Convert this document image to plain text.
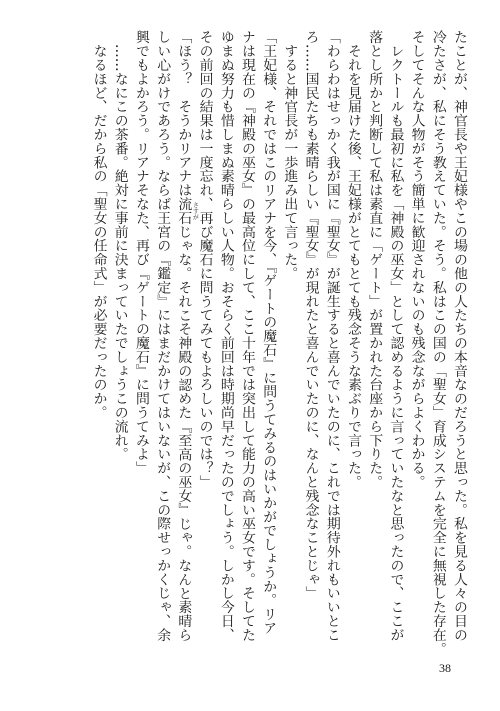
たことが、神官長や王妃様やこの場の他の人たちの本音なのだろうと思った。私を見る人々の目の

冷たさが、私にそう教えていた。そう。私はこの国の「聖女」育成システムを完全に無視した存在。

そしてそんな人物がそう簡単に歓迎されないのも残念ながらよくわかる。

　レクトールも最初に私を「神殿の巫女」として認めるように言っていたなと思ったので、ここが

落とし所かと判断して私は素直に「ゲート」が置かれた台座から下りた。

　それを見届けた後、王妃様がとてもとても残念そうな素ぶりで言った。

「わらわはせっかく我が国に『聖女』が誕生すると喜んでいたのに、これでは期待外れもいいとこ

ろ……国民たちも素晴らしい『聖女』が現れたと喜んでいたのに、なんと残念なことじゃ」

　すると神官長が一歩進み出て言った。

「王妃様、それではこのリアナを今、『ゲートの魔石』に問うてみるのはいかがでしょうか。リア

ナは現在の『神殿の巫女』の最高位にして、ここ十年では突出して能力の高い巫女です。そしてた

ゆまぬ努力も惜しまぬ素晴らしい人物。おそらく前回は時期尚早だったのでしょう。しかし今日、

その前回の結果は一度忘れ、再び魔石に問うてみてもよろしいのでは？」

「ほう？　そうかリアナは流石 さすが
じゃな。それこそ神殿の認めた『至高の巫女』じゃ。なんと素晴ら

しい心がけであろう。ならば王宮の『鑑定』にはまだかけてはいないが、この際せっかくじゃ、余

興でもよかろう。リアナそなた、再び『ゲートの魔石』に問うてみよ」

　……なにこの茶番。絶対に事前に決まっていたでしょうこの流れ。

　なるほど、だから私の「聖女の任命式」が必要だったのか。

38
